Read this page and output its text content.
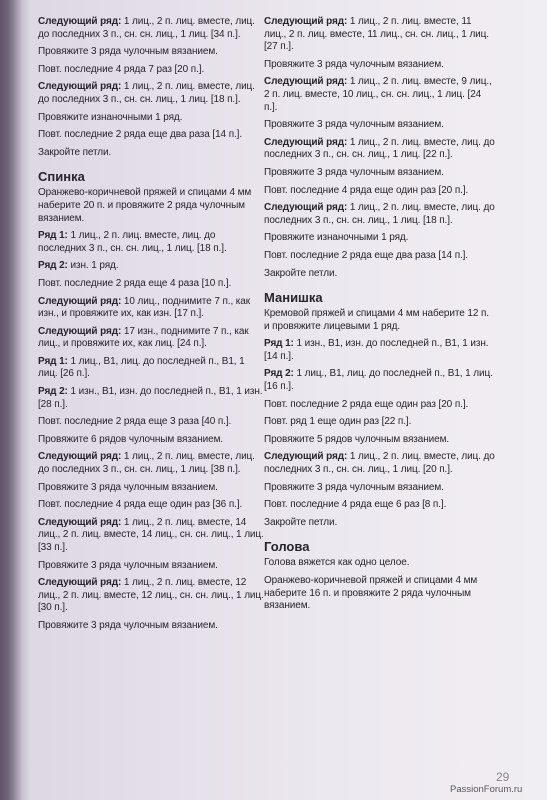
Следующий ряд: 1 лиц., 2 п. лиц. вместе, лиц. до последних 3 п., сн. сн. лиц., 1 лиц. [34 п.].

Провяжите 3 ряда чулочным вязанием.

Повт. последние 4 ряда 7 раз [20 п.].

Следующий ряд: 1 лиц., 2 п. лиц. вместе, лиц. до последних 3 п., сн. сн. лиц., 1 лиц. [18 п.].

Провяжите изнаночными 1 ряд.

Повт. последние 2 ряда еще два раза [14 п.].

Закройте петли.

Спинка

Оранжево-коричневой пряжей и спицами 4 мм наберите 20 п. и провяжите 2 ряда чулочным вязанием.

Ряд 1: 1 лиц., 2 п. лиц. вместе, лиц. до последних 3 п., сн. сн. лиц., 1 лиц. [18 п.].

Ряд 2: изн. 1 ряд.

Повт. последние 2 ряда еще 4 раза [10 п.].

Следующий ряд: 10 лиц., поднимите 7 п., как изн., и провяжите их, как изн. [17 п.].

Следующий ряд: 17 изн., поднимите 7 п., как лиц., и провяжите их, как лиц. [24 п.].

Ряд 1: 1 лиц., В1, лиц. до последней п., В1, 1 лиц. [26 п.].

Ряд 2: 1 изн., В1, изн. до последней п., В1, 1 изн. [28 п.].

Повт. последние 2 ряда еще 3 раза [40 п.].

Провяжите 6 рядов чулочным вязанием.

Следующий ряд: 1 лиц., 2 п. лиц. вместе, лиц. до последних 3 п., сн. сн. лиц., 1 лиц. [38 п.].

Провяжите 3 ряда чулочным вязанием.

Повт. последние 4 ряда еще один раз [36 п.].

Следующий ряд: 1 лиц., 2 п. лиц. вместе, 14 лиц., 2 п. лиц. вместе, 14 лиц., сн. сн. лиц., 1 лиц. [33 п.].

Провяжите 3 ряда чулочным вязанием.

Следующий ряд: 1 лиц., 2 п. лиц. вместе, 12 лиц., 2 п. лиц. вместе, 12 лиц., сн. сн. лиц., 1 лиц. [30 п.].

Провяжите 3 ряда чулочным вязанием.

Следующий ряд: 1 лиц., 2 п. лиц. вместе, 11 лиц., 2 п. лиц. вместе, 11 лиц., сн. сн. лиц., 1 лиц. [27 п.].

Провяжите 3 ряда чулочным вязанием.

Следующий ряд: 1 лиц., 2 п. лиц. вместе, 9 лиц., 2 п. лиц. вместе, 10 лиц., сн. сн. лиц., 1 лиц. [24 п.].

Провяжите 3 ряда чулочным вязанием.

Следующий ряд: 1 лиц., 2 п. лиц. вместе, лиц. до последних 3 п., сн. сн. лиц., 1 лиц. [22 п.].

Провяжите 3 ряда чулочным вязанием.

Повт. последние 4 ряда еще один раз [20 п.].

Следующий ряд: 1 лиц., 2 п. лиц. вместе, лиц. до последних 3 п., сн. сн. лиц., 1 лиц. [18 п.].

Провяжите изнаночными 1 ряд.

Повт. последние 2 ряда еще два раза [14 п.].

Закройте петли.

Манишка

Кремовой пряжей и спицами 4 мм наберите 12 п. и провяжите лицевыми 1 ряд.

Ряд 1: 1 изн., В1, изн. до последней п., В1, 1 изн. [14 п.].

Ряд 2: 1 лиц., В1, лиц. до последней п., В1, 1 лиц. [16 п.].

Повт. последние 2 ряда еще один раз [20 п.].

Повт. ряд 1 еще один раз [22 п.].

Провяжите 5 рядов чулочным вязанием.

Следующий ряд: 1 лиц., 2 п. лиц. вместе, лиц. до последних 3 п., сн. сн. лиц., 1 лиц. [20 п.].

Провяжите 3 ряда чулочным вязанием.

Повт. последние 4 ряда еще 6 раз [8 п.].

Закройте петли.

Голова

Голова вяжется как одно целое.

Оранжево-коричневой пряжей и спицами 4 мм наберите 16 п. и провяжите 2 ряда чулочным вязанием.

29
PassionForum.ru
